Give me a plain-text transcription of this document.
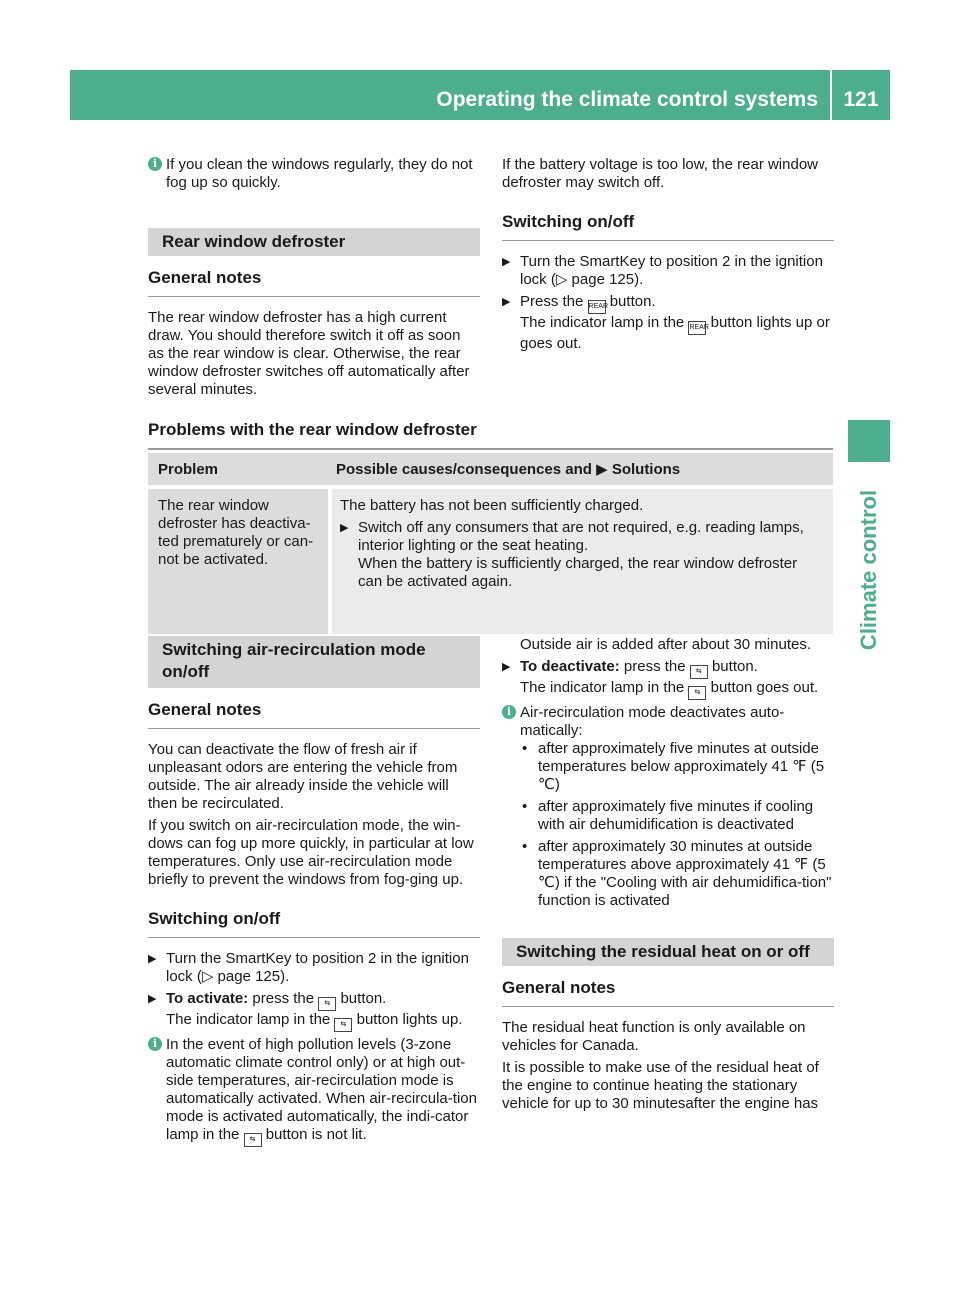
Operating the climate control systems	121
Climate control
i If you clean the windows regularly, they do not fog up so quickly.
Rear window defroster
General notes

The rear window defroster has a high current draw. You should therefore switch it off as soon as the rear window is clear. Otherwise, the rear window defroster switches off automatically after several minutes.

If the battery voltage is too low, the rear window defroster may switch off.

Switching on/off
▶ Turn the SmartKey to position 2 in the ignition lock (▷ page 125).
▶ Press the REAR button.
The indicator lamp in the REAR button lights up or goes out.
Problems with the rear window defroster
Problem	Possible causes/consequences and ▶ Solutions
The rear window defroster has deactiva-ted prematurely or can-not be activated.

The battery has not been sufficiently charged.

▶ Switch off any consumers that are not required, e.g. reading lamps, interior lighting or the seat heating.
When the battery is sufficiently charged, the rear window defroster can be activated again.
Switching air-recirculation mode on/off
General notes

You can deactivate the flow of fresh air if unpleasant odors are entering the vehicle from outside. The air already inside the vehicle will then be recirculated.

If you switch on air-recirculation mode, the win-dows can fog up more quickly, in particular at low temperatures. Only use air-recirculation mode briefly to prevent the windows from fog-ging up.

Switching on/off
▶ Turn the SmartKey to position 2 in the ignition lock (▷ page 125).
▶ To activate: press the ⇆ button.
The indicator lamp in the ⇆ button lights up.
i In the event of high pollution levels (3-zone automatic climate control only) or at high out-side temperatures, air-recirculation mode is automatically activated. When air-recircula-tion mode is activated automatically, the indi-cator lamp in the ⇆ button is not lit.

Outside air is added after about 30 minutes.

▶ To deactivate: press the ⇆ button.
The indicator lamp in the ⇆ button goes out.
i Air-recirculation mode deactivates auto-matically:
• after approximately five minutes at outside temperatures below approximately 41 ℉ (5 ℃)
• after approximately five minutes if cooling with air dehumidification is deactivated
• after approximately 30 minutes at outside temperatures above approximately 41 ℉ (5 ℃) if the "Cooling with air dehumidifica-tion" function is activated
Switching the residual heat on or off
General notes

The residual heat function is only available on vehicles for Canada.

It is possible to make use of the residual heat of the engine to continue heating the stationary vehicle for up to 30 minutesafter the engine has
